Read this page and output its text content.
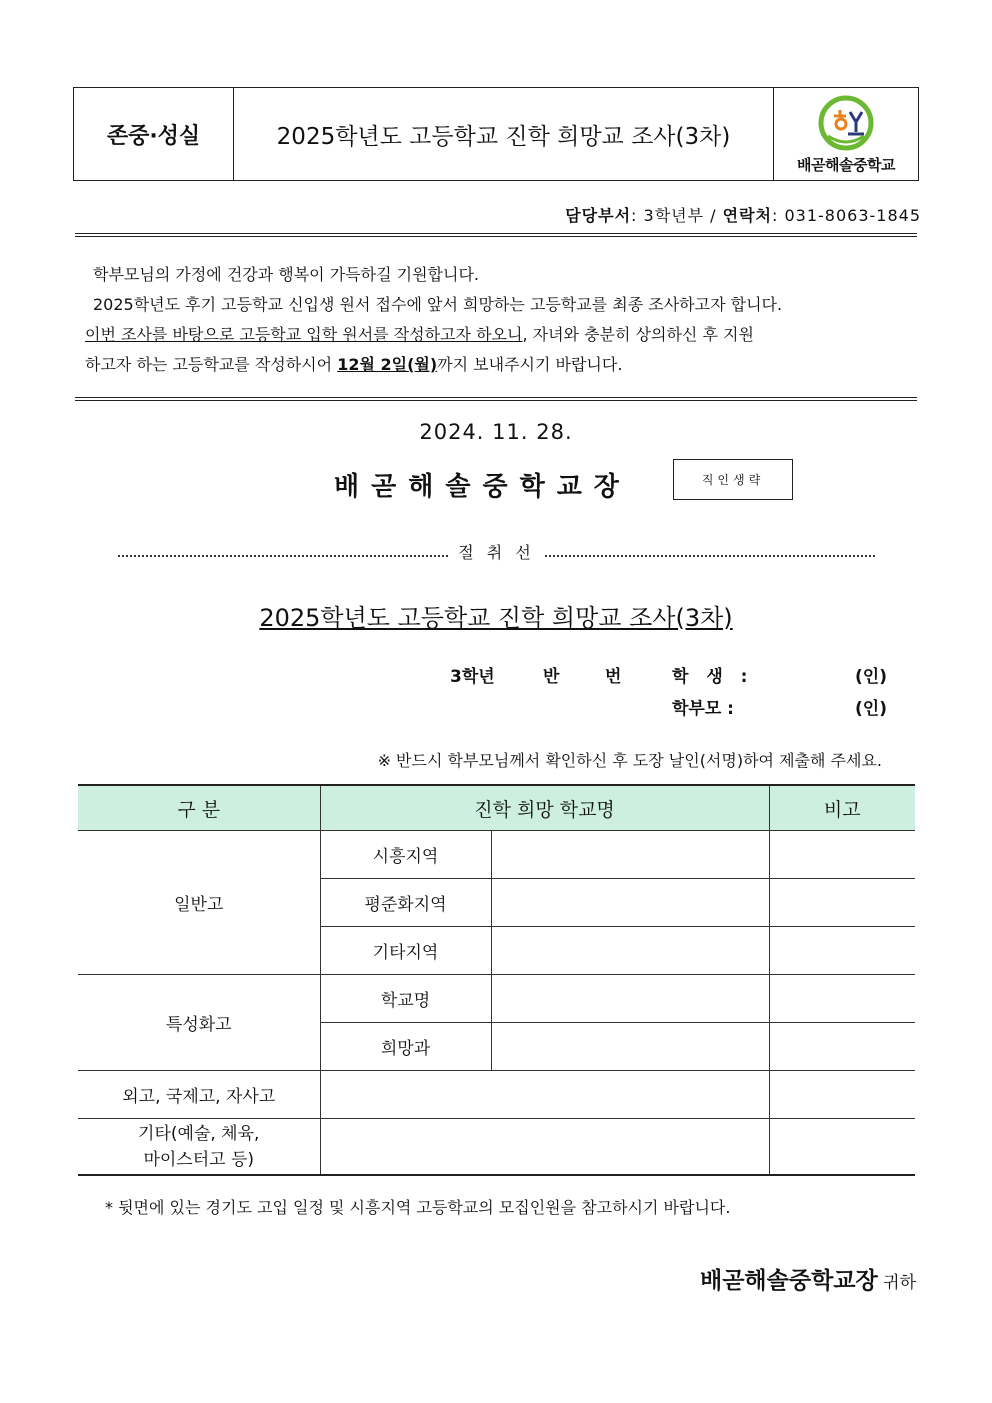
존중·성실	2025학년도 고등학교 진학 희망교 조사(3차)
배곧해솔중학교
담당부서: 3학년부 / 연락처: 031-8063-1845

학부모님의 가정에 건강과 행복이 가득하길 기원합니다.

2025학년도 후기 고등학교 신입생 원서 접수에 앞서 희망하는 고등학교를 최종 조사하고자 합니다.

이번 조사를 바탕으로 고등학교 입학 원서를 작성하고자 하오니, 자녀와 충분히 상의하신 후 지원

하고자 하는 고등학교를 작성하시어 12월 2일(월)까지 보내주시기 바랍니다.

2024. 11. 28.
배곧해솔중학교장	직인생략
절 취 선
2025학년도 고등학교 진학 희망교 조사(3차)
3학년	반	번	학 생 :	(인)
학부모 :	(인)
※ 반드시 학부모님께서 확인하신 후 도장 날인(서명)하여 제출해 주세요.
구 분	진학 희망 학교명		비고
일반고	시흥지역		
	평준화지역		
	기타지역		
특성화고	학교명		
	희망과		
외고, 국제고, 자사고			
기타(예술, 체육,
마이스터고 등)			
* 뒷면에 있는 경기도 고입 일정 및 시흥지역 고등학교의 모집인원을 참고하시기 바랍니다.
배곧해솔중학교장 귀하
